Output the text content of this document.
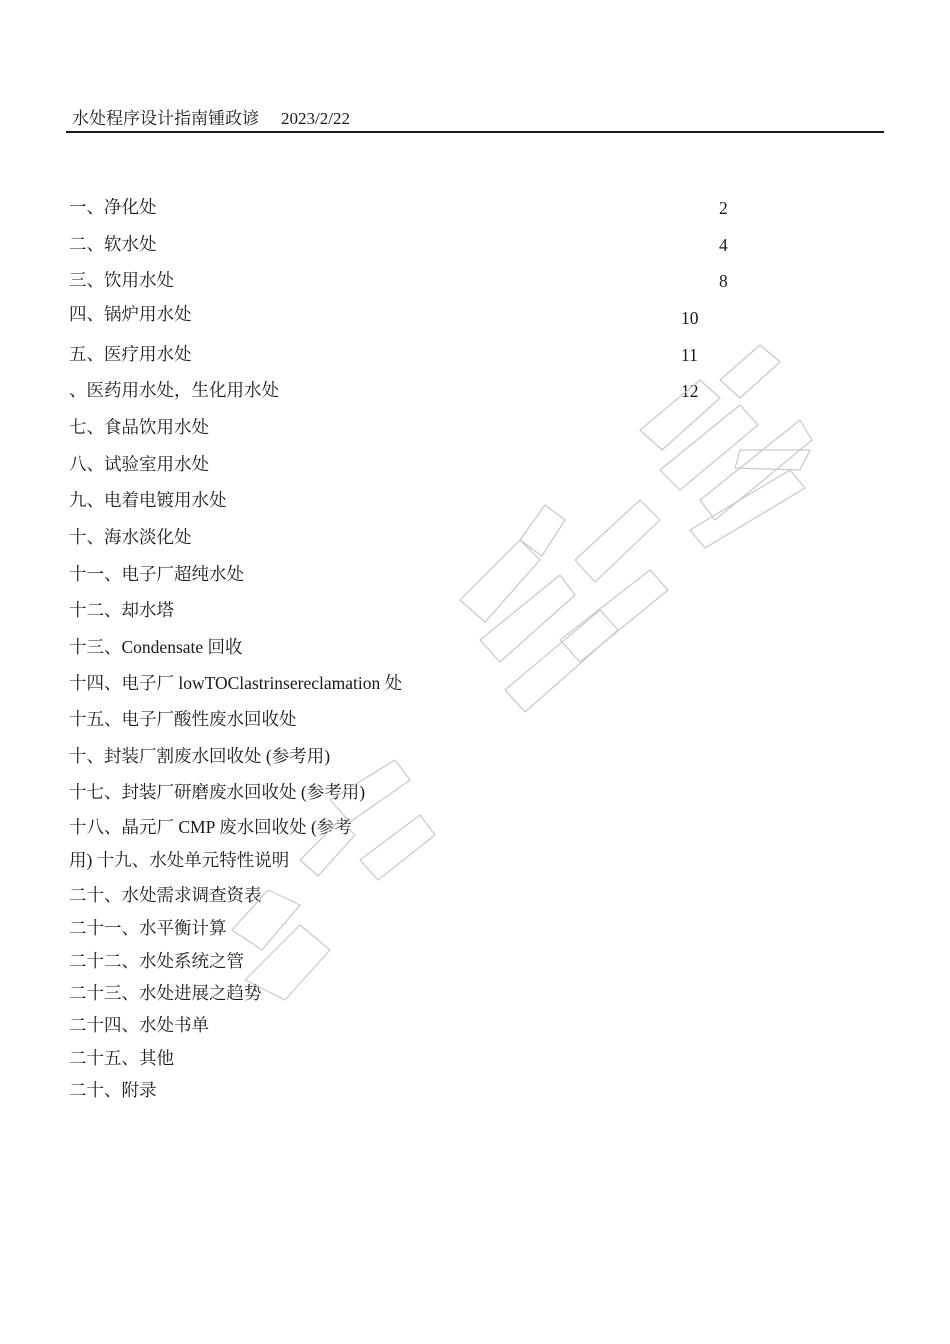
水处程序设计指南锺政谚 2023/2/22
一、净化处
二、软水处
三、饮用水处
四、锅炉用水处
五、医疗用水处
、医药用水处，生化用水处
七、食品饮用水处
八、试验室用水处
九、电着电镀用水处
十、海水淡化处
十一、电子厂超纯水处
十二、却水塔
十三、Condensate 回收
十四、电子厂 lowTOClastrinsereclamation 处
十五、电子厂酸性废水回收处
十、封装厂割废水回收处 (参考用)
十七、封装厂研磨废水回收处 (参考用)
十八、晶元厂 CMP 废水回收处 (参考
用) 十九、水处单元特性说明
二十、水处需求调查资表
二十一、水平衡计算
二十二、水处系统之管
二十三、水处进展之趋势
二十四、水处书单
二十五、其他
二十、附录
2
4
8
10
11
12
